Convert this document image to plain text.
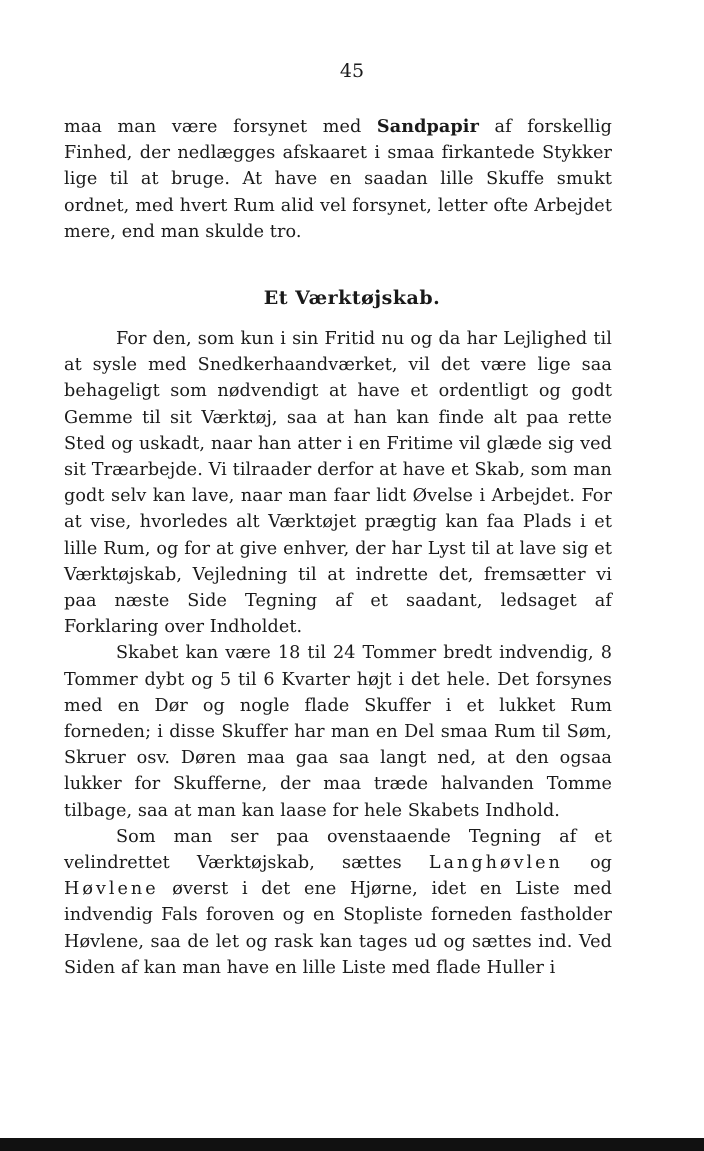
45

maa man være forsynet med Sandpapir af forskellig Finhed, der nedlægges afskaaret i smaa firkantede Stykker lige til at bruge. At have en saadan lille Skuffe smukt ordnet, med hvert Rum alid vel forsynet, letter ofte Arbejdet mere, end man skulde tro.

Et Værktøjskab.

For den, som kun i sin Fritid nu og da har Lejlighed til at sysle med Snedkerhaandværket, vil det være lige saa behageligt som nødvendigt at have et ordentligt og godt Gemme til sit Værktøj, saa at han kan finde alt paa rette Sted og uskadt, naar han atter i en Fritime vil glæde sig ved sit Træarbejde. Vi tilraader derfor at have et Skab, som man godt selv kan lave, naar man faar lidt Øvelse i Arbejdet. For at vise, hvorledes alt Værktøjet prægtig kan faa Plads i et lille Rum, og for at give enhver, der har Lyst til at lave sig et Værktøjskab, Vejledning til at indrette det, fremsætter vi paa næste Side Tegning af et saadant, ledsaget af Forklaring over Indholdet.

Skabet kan være 18 til 24 Tommer bredt indvendig, 8 Tommer dybt og 5 til 6 Kvarter højt i det hele. Det forsynes med en Dør og nogle flade Skuffer i et lukket Rum forneden; i disse Skuffer har man en Del smaa Rum til Søm, Skruer osv. Døren maa gaa saa langt ned, at den ogsaa lukker for Skufferne, der maa træde halvanden Tomme tilbage, saa at man kan laase for hele Skabets Indhold.

Som man ser paa ovenstaaende Tegning af et velindrettet Værktøjskab, sættes Langhøvlen og Høvlene øverst i det ene Hjørne, idet en Liste med indvendig Fals foroven og en Stopliste forneden fastholder Høvlene, saa de let og rask kan tages ud og sættes ind. Ved Siden af kan man have en lille Liste med flade Huller i
